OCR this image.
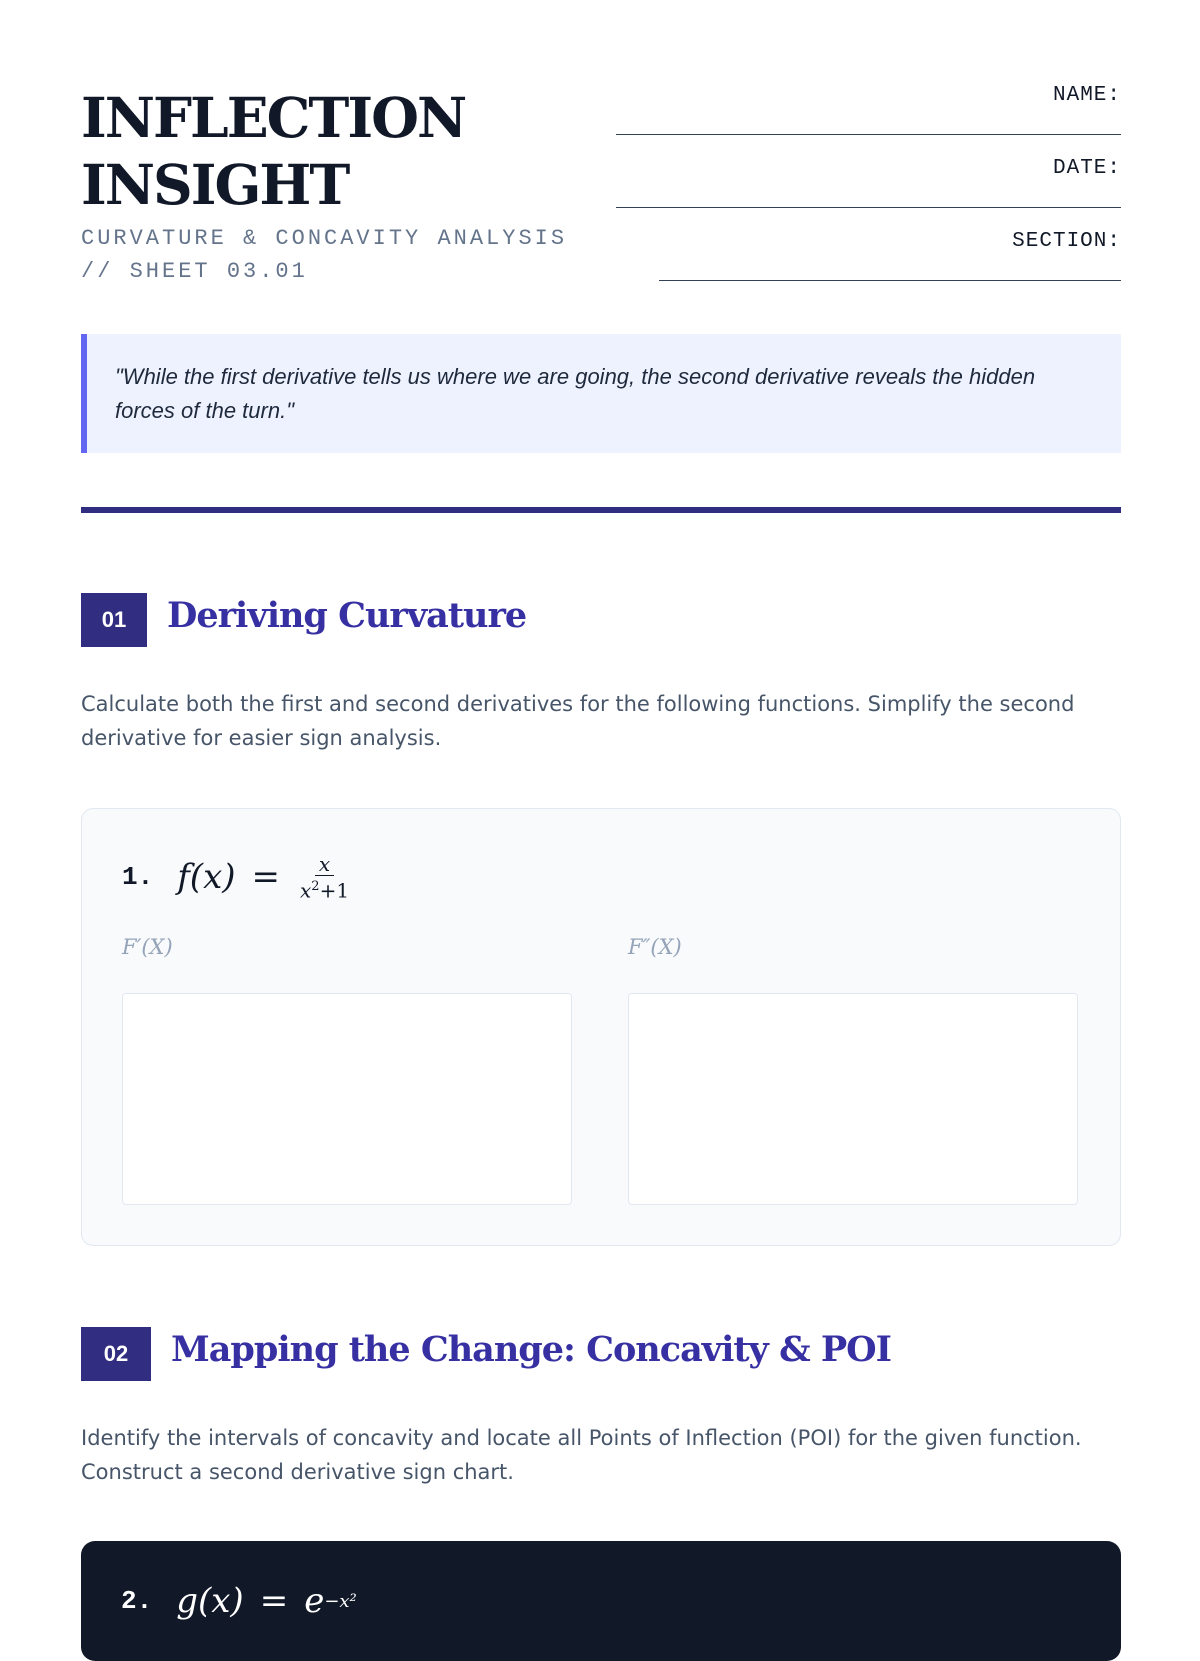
INFLECTION
INSIGHT
CURVATURE & CONCAVITY ANALYSIS
// SHEET 03.01
NAME:
DATE:
SECTION:
"While the first derivative tells us where we are going, the second derivative reveals the hidden forces of the turn."
01	Deriving Curvature
Calculate both the first and second derivatives for the following functions. Simplify the second derivative for easier sign analysis.
1. $f(x) = \frac{x}{x^2+1}$
F′(X)	F″(X)
02	Mapping the Change: Concavity & POI
Identify the intervals of concavity and locate all Points of Inflection (POI) for the given function. Construct a second derivative sign chart.
2. g(x) = e −x²
